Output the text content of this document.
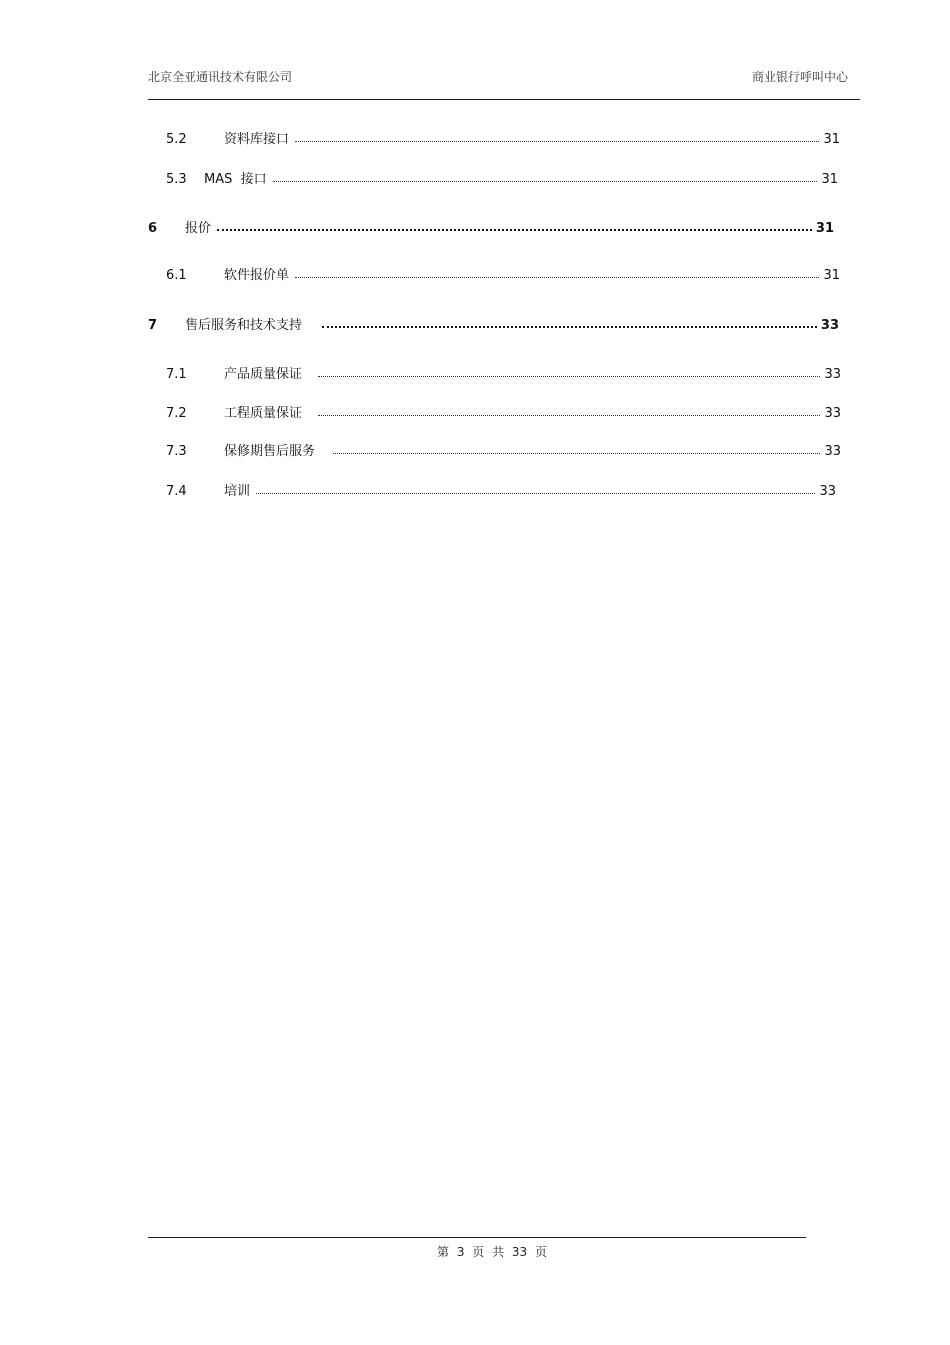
北京全亚通讯技术有限公司	商业银行呼叫中心
5.2	资料库接口	31
5.3	MAS  接口	31
6	报价	31
6.1	软件报价单	31
7	售后服务和技术支持	33
7.1	产品质量保证	33
7.2	工程质量保证	33
7.3	保修期售后服务	33
7.4	培训	33
第 3 页 共 33 页
